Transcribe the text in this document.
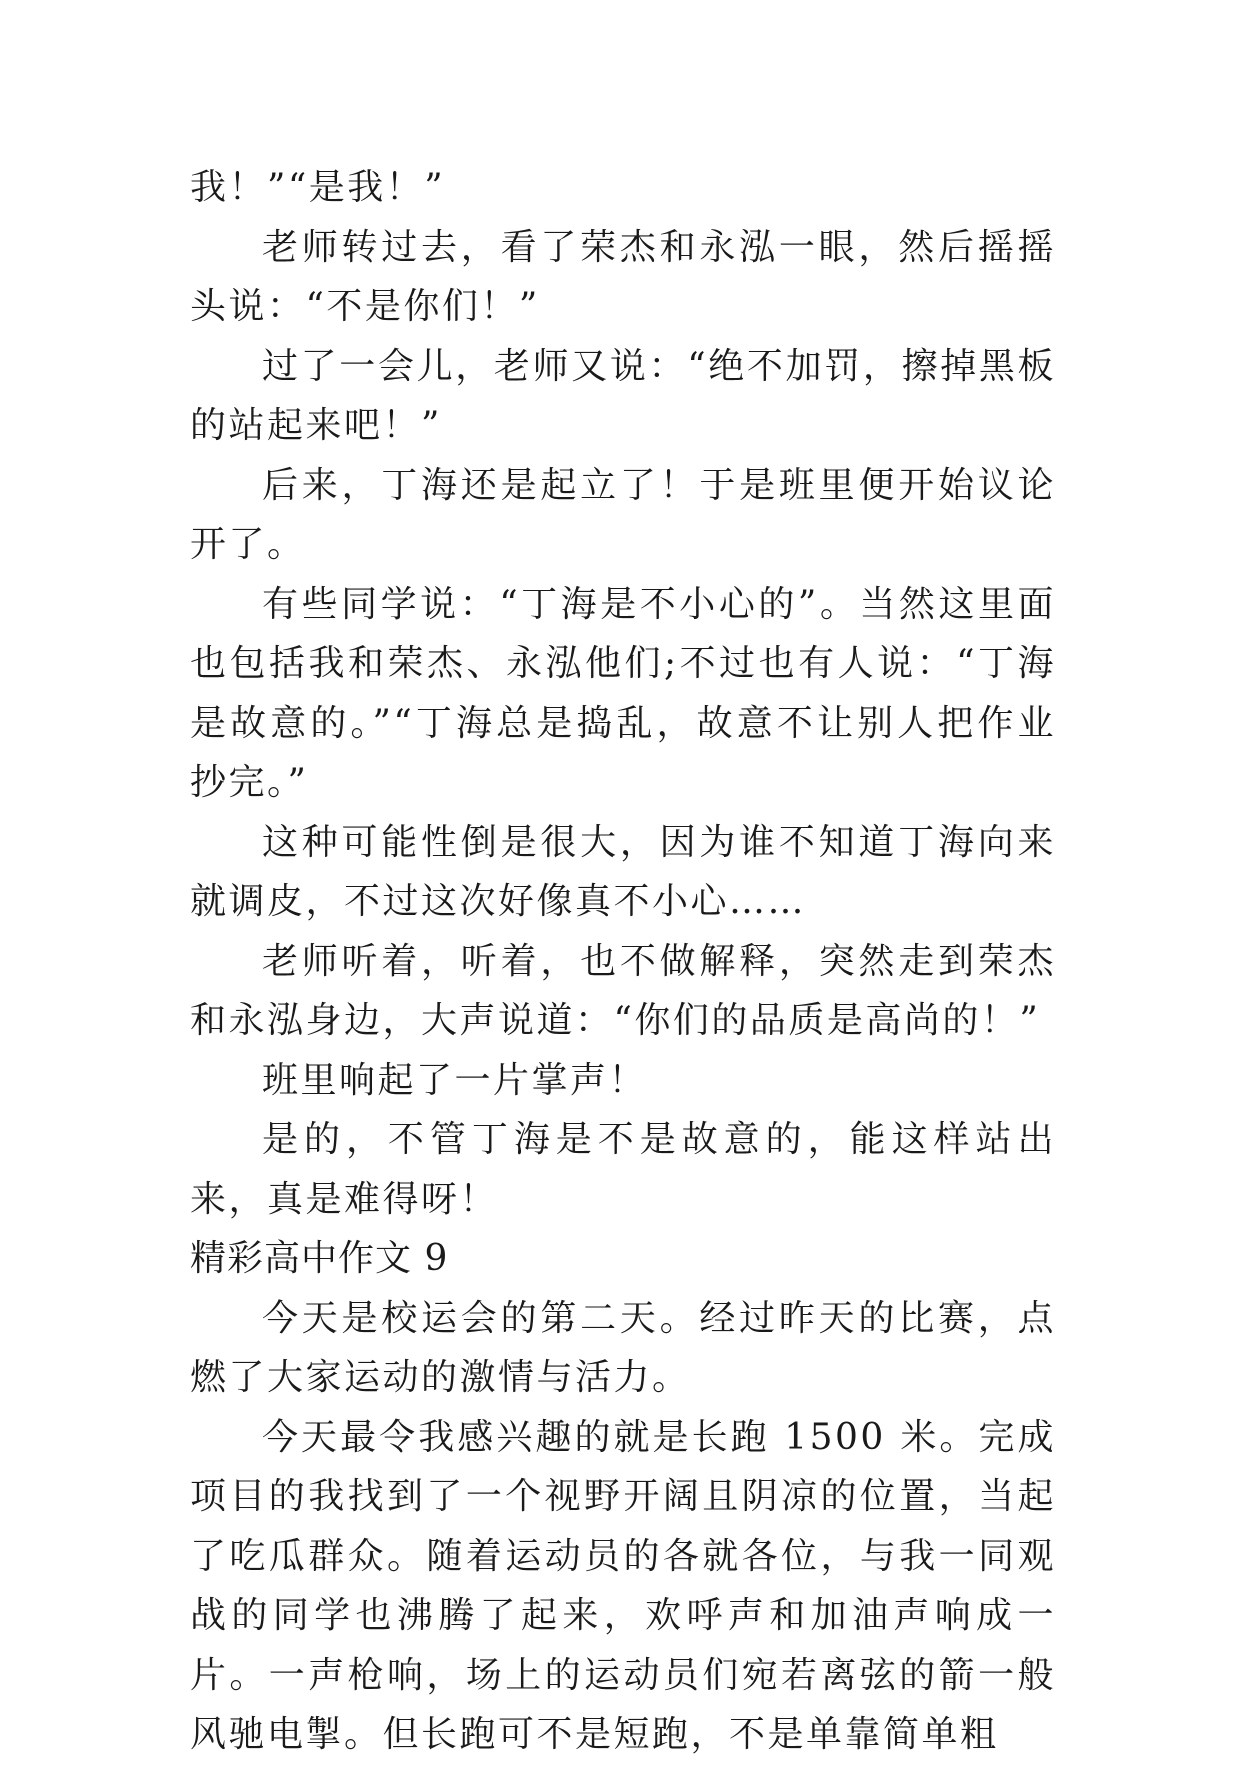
我！”“是我！”

老师转过去，看了荣杰和永泓一眼，然后摇摇头说：“不是你们！”

过了一会儿，老师又说：“绝不加罚，擦掉黑板的站起来吧！”

后来，丁海还是起立了！于是班里便开始议论开了。

有些同学说：“丁海是不小心的”。当然这里面也包括我和荣杰、永泓他们;不过也有人说：“丁海是故意的。”“丁海总是捣乱，故意不让别人把作业抄完。”

这种可能性倒是很大，因为谁不知道丁海向来就调皮，不过这次好像真不小心……

老师听着，听着，也不做解释，突然走到荣杰和永泓身边，大声说道：“你们的品质是高尚的！”

班里响起了一片掌声！

是的，不管丁海是不是故意的，能这样站出来，真是难得呀！

精彩高中作文 9

今天是校运会的第二天。经过昨天的比赛，点燃了大家运动的激情与活力。

今天最令我感兴趣的就是长跑 1500 米。完成项目的我找到了一个视野开阔且阴凉的位置，当起了吃瓜群众。随着运动员的各就各位，与我一同观战的同学也沸腾了起来，欢呼声和加油声响成一片。一声枪响，场上的运动员们宛若离弦的箭一般风驰电掣。但长跑可不是短跑，不是单靠简单粗
